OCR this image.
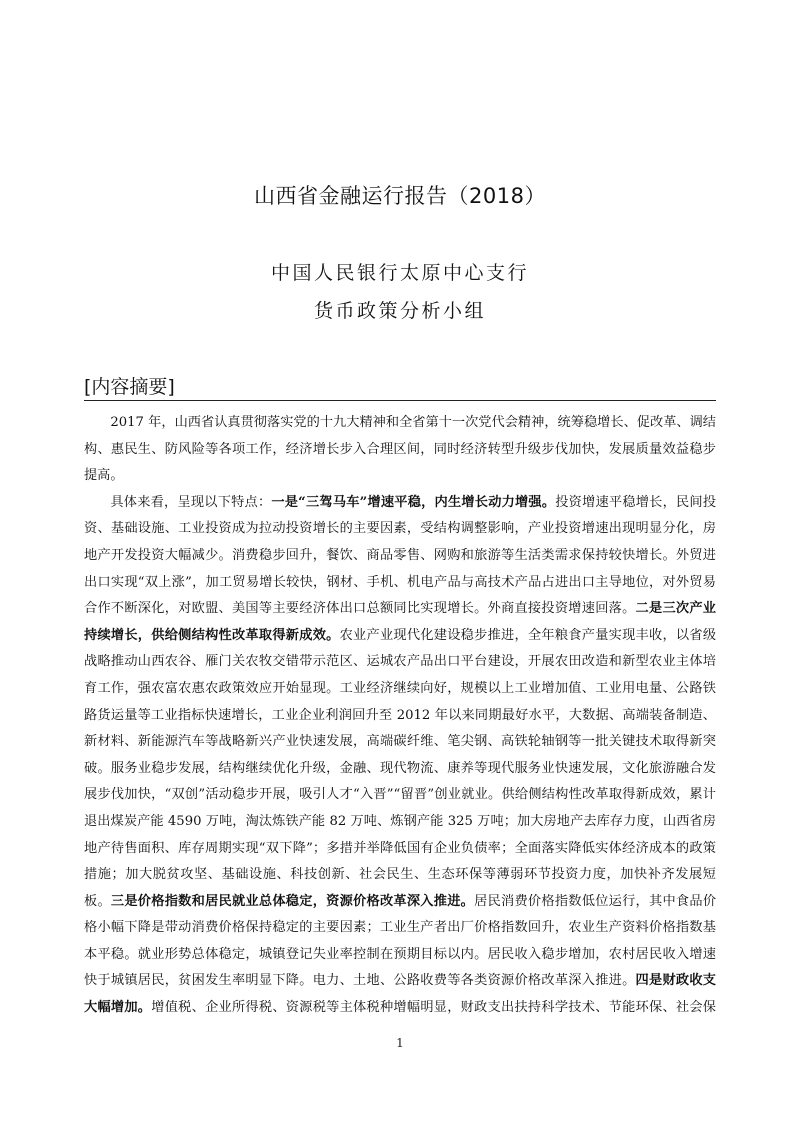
山西省金融运行报告（2018）
中国人民银行太原中心支行
货币政策分析小组
[内容摘要]

2017 年，山西省认真贯彻落实党的十九大精神和全省第十一次党代会精神，统筹稳增长、促改革、调结构、惠民生、防风险等各项工作，经济增长步入合理区间，同时经济转型升级步伐加快，发展质量效益稳步提高。

具体来看，呈现以下特点：一是“三驾马车”增速平稳，内生增长动力增强。投资增速平稳增长，民间投资、基础设施、工业投资成为拉动投资增长的主要因素，受结构调整影响，产业投资增速出现明显分化，房地产开发投资大幅减少。消费稳步回升，餐饮、商品零售、网购和旅游等生活类需求保持较快增长。外贸进出口实现“双上涨”，加工贸易增长较快，钢材、手机、机电产品与高技术产品占进出口主导地位，对外贸易合作不断深化，对欧盟、美国等主要经济体出口总额同比实现增长。外商直接投资增速回落。二是三次产业持续增长，供给侧结构性改革取得新成效。农业产业现代化建设稳步推进，全年粮食产量实现丰收，以省级战略推动山西农谷、雁门关农牧交错带示范区、运城农产品出口平台建设，开展农田改造和新型农业主体培育工作，强农富农惠农政策效应开始显现。工业经济继续向好，规模以上工业增加值、工业用电量、公路铁路货运量等工业指标快速增长，工业企业利润回升至 2012 年以来同期最好水平，大数据、高端装备制造、新材料、新能源汽车等战略新兴产业快速发展，高端碳纤维、笔尖钢、高铁轮轴钢等一批关键技术取得新突破。服务业稳步发展，结构继续优化升级，金融、现代物流、康养等现代服务业快速发展，文化旅游融合发展步伐加快，“双创”活动稳步开展，吸引人才“入晋”“留晋”创业就业。供给侧结构性改革取得新成效，累计退出煤炭产能 4590 万吨，淘汰炼铁产能 82 万吨、炼钢产能 325 万吨；加大房地产去库存力度，山西省房地产待售面积、库存周期实现“双下降”；多措并举降低国有企业负债率；全面落实降低实体经济成本的政策措施；加大脱贫攻坚、基础设施、科技创新、社会民生、生态环保等薄弱环节投资力度，加快补齐发展短板。三是价格指数和居民就业总体稳定，资源价格改革深入推进。居民消费价格指数低位运行，其中食品价格小幅下降是带动消费价格保持稳定的主要因素；工业生产者出厂价格指数回升，农业生产资料价格指数基本平稳。就业形势总体稳定，城镇登记失业率控制在预期目标以内。居民收入稳步增加，农村居民收入增速快于城镇居民，贫困发生率明显下降。电力、土地、公路收费等各类资源价格改革深入推进。四是财政收支大幅增加。增值税、企业所得税、资源税等主体税种增幅明显，财政支出扶持科学技术、节能环保、社会保

1
